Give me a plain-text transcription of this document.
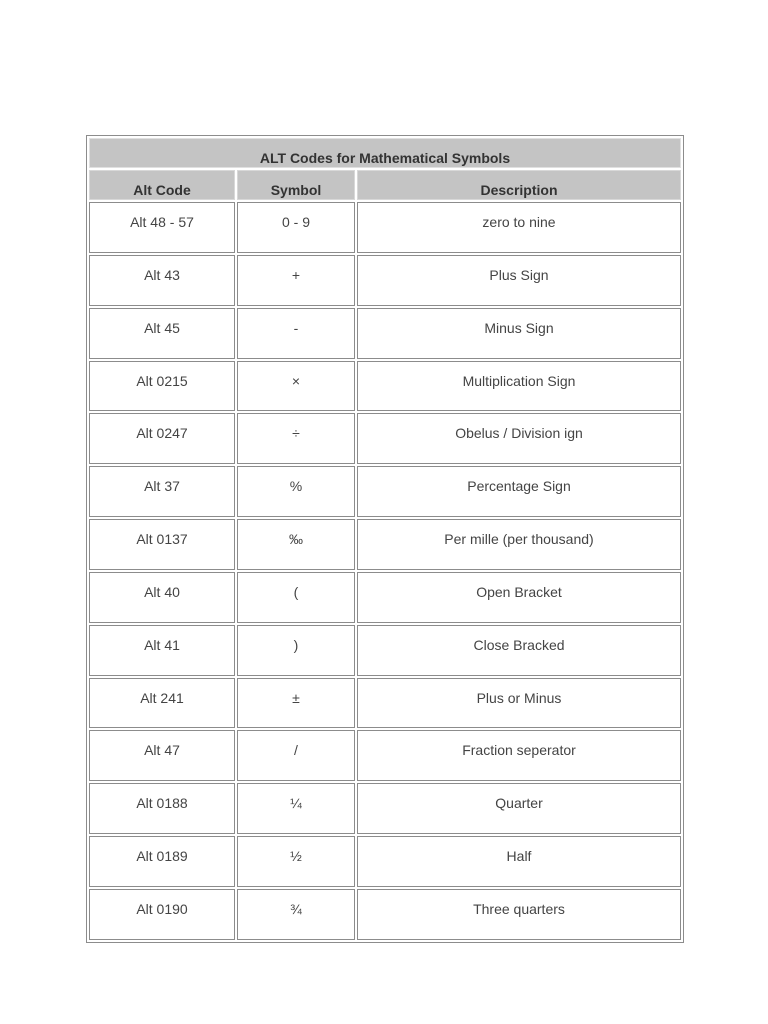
ALT Codes for Mathematical Symbols		
Alt Code	Symbol	Description
Alt 48 - 57	0 - 9	zero to nine
Alt 43	+	Plus Sign
Alt 45	-	Minus Sign
Alt 0215	×	Multiplication Sign
Alt 0247	÷	Obelus / Division ign
Alt 37	%	Percentage Sign
Alt 0137	‰	Per mille (per thousand)
Alt 40	(	Open Bracket
Alt 41	)	Close Bracked
Alt 241	±	Plus or Minus
Alt 47	/	Fraction seperator
Alt 0188	¼	Quarter
Alt 0189	½	Half
Alt 0190	¾	Three quarters
